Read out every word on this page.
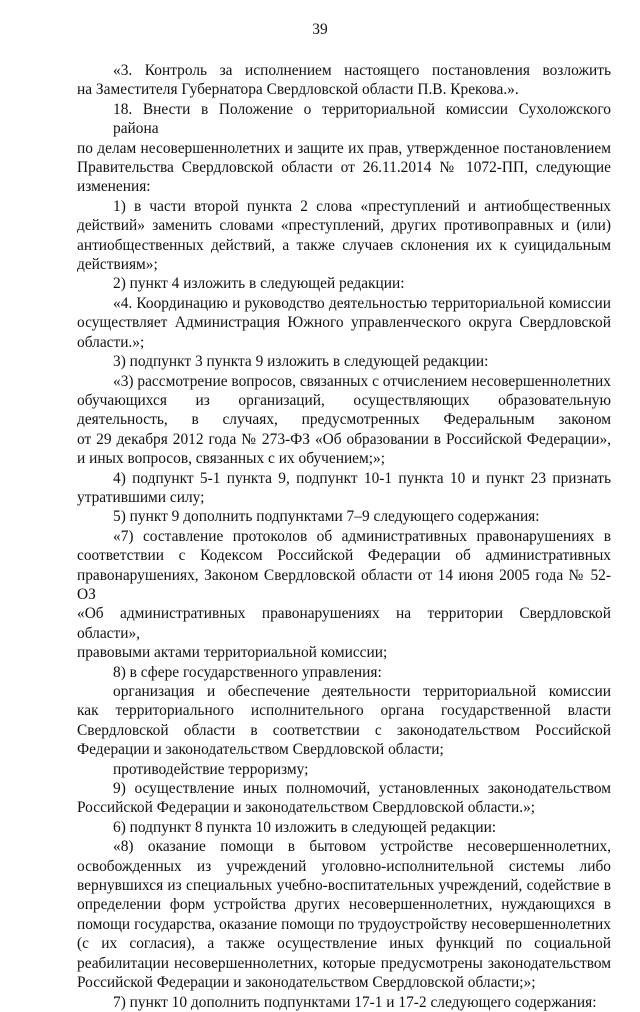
39
«3. Контроль за исполнением настоящего постановления возложить
на Заместителя Губернатора Свердловской области П.В. Крекова.».
18. Внести в Положение о территориальной комиссии Сухоложского района
по делам несовершеннолетних и защите их прав, утвержденное постановлением
Правительства Свердловской области от 26.11.2014 № 1072-ПП, следующие
изменения:
1) в части второй пункта 2 слова «преступлений и антиобщественных
действий» заменить словами «преступлений, других противоправных и (или)
антиобщественных действий, а также случаев склонения их к суицидальным
действиям»;
2) пункт 4 изложить в следующей редакции:
«4. Координацию и руководство деятельностью территориальной комиссии
осуществляет Администрация Южного управленческого округа Свердловской
области.»;
3) подпункт 3 пункта 9 изложить в следующей редакции:
«3) рассмотрение вопросов, связанных с отчислением несовершеннолетних
обучающихся из организаций, осуществляющих образовательную
деятельность, в случаях, предусмотренных Федеральным законом
от 29 декабря 2012 года № 273-ФЗ «Об образовании в Российской Федерации»,
и иных вопросов, связанных с их обучением;»;
4) подпункт 5-1 пункта 9, подпункт 10-1 пункта 10 и пункт 23 признать
утратившими силу;
5) пункт 9 дополнить подпунктами 7–9 следующего содержания:
«7) составление протоколов об административных правонарушениях в
соответствии с Кодексом Российской Федерации об административных
правонарушениях, Законом Свердловской области от 14 июня 2005 года № 52-ОЗ
«Об административных правонарушениях на территории Свердловской области»,
правовыми актами территориальной комиссии;
8) в сфере государственного управления:
организация и обеспечение деятельности территориальной комиссии
как территориального исполнительного органа государственной власти
Свердловской области в соответствии с законодательством Российской
Федерации и законодательством Свердловской области;
противодействие терроризму;
9) осуществление иных полномочий, установленных законодательством
Российской Федерации и законодательством Свердловской области.»;
6) подпункт 8 пункта 10 изложить в следующей редакции:
«8) оказание помощи в бытовом устройстве несовершеннолетних,
освобожденных из учреждений уголовно-исполнительной системы либо
вернувшихся из специальных учебно-воспитательных учреждений, содействие в
определении форм устройства других несовершеннолетних, нуждающихся в
помощи государства, оказание помощи по трудоустройству несовершеннолетних
(с их согласия), а также осуществление иных функций по социальной
реабилитации несовершеннолетних, которые предусмотрены законодательством
Российской Федерации и законодательством Свердловской области;»;
7) пункт 10 дополнить подпунктами 17-1 и 17-2 следующего содержания:
